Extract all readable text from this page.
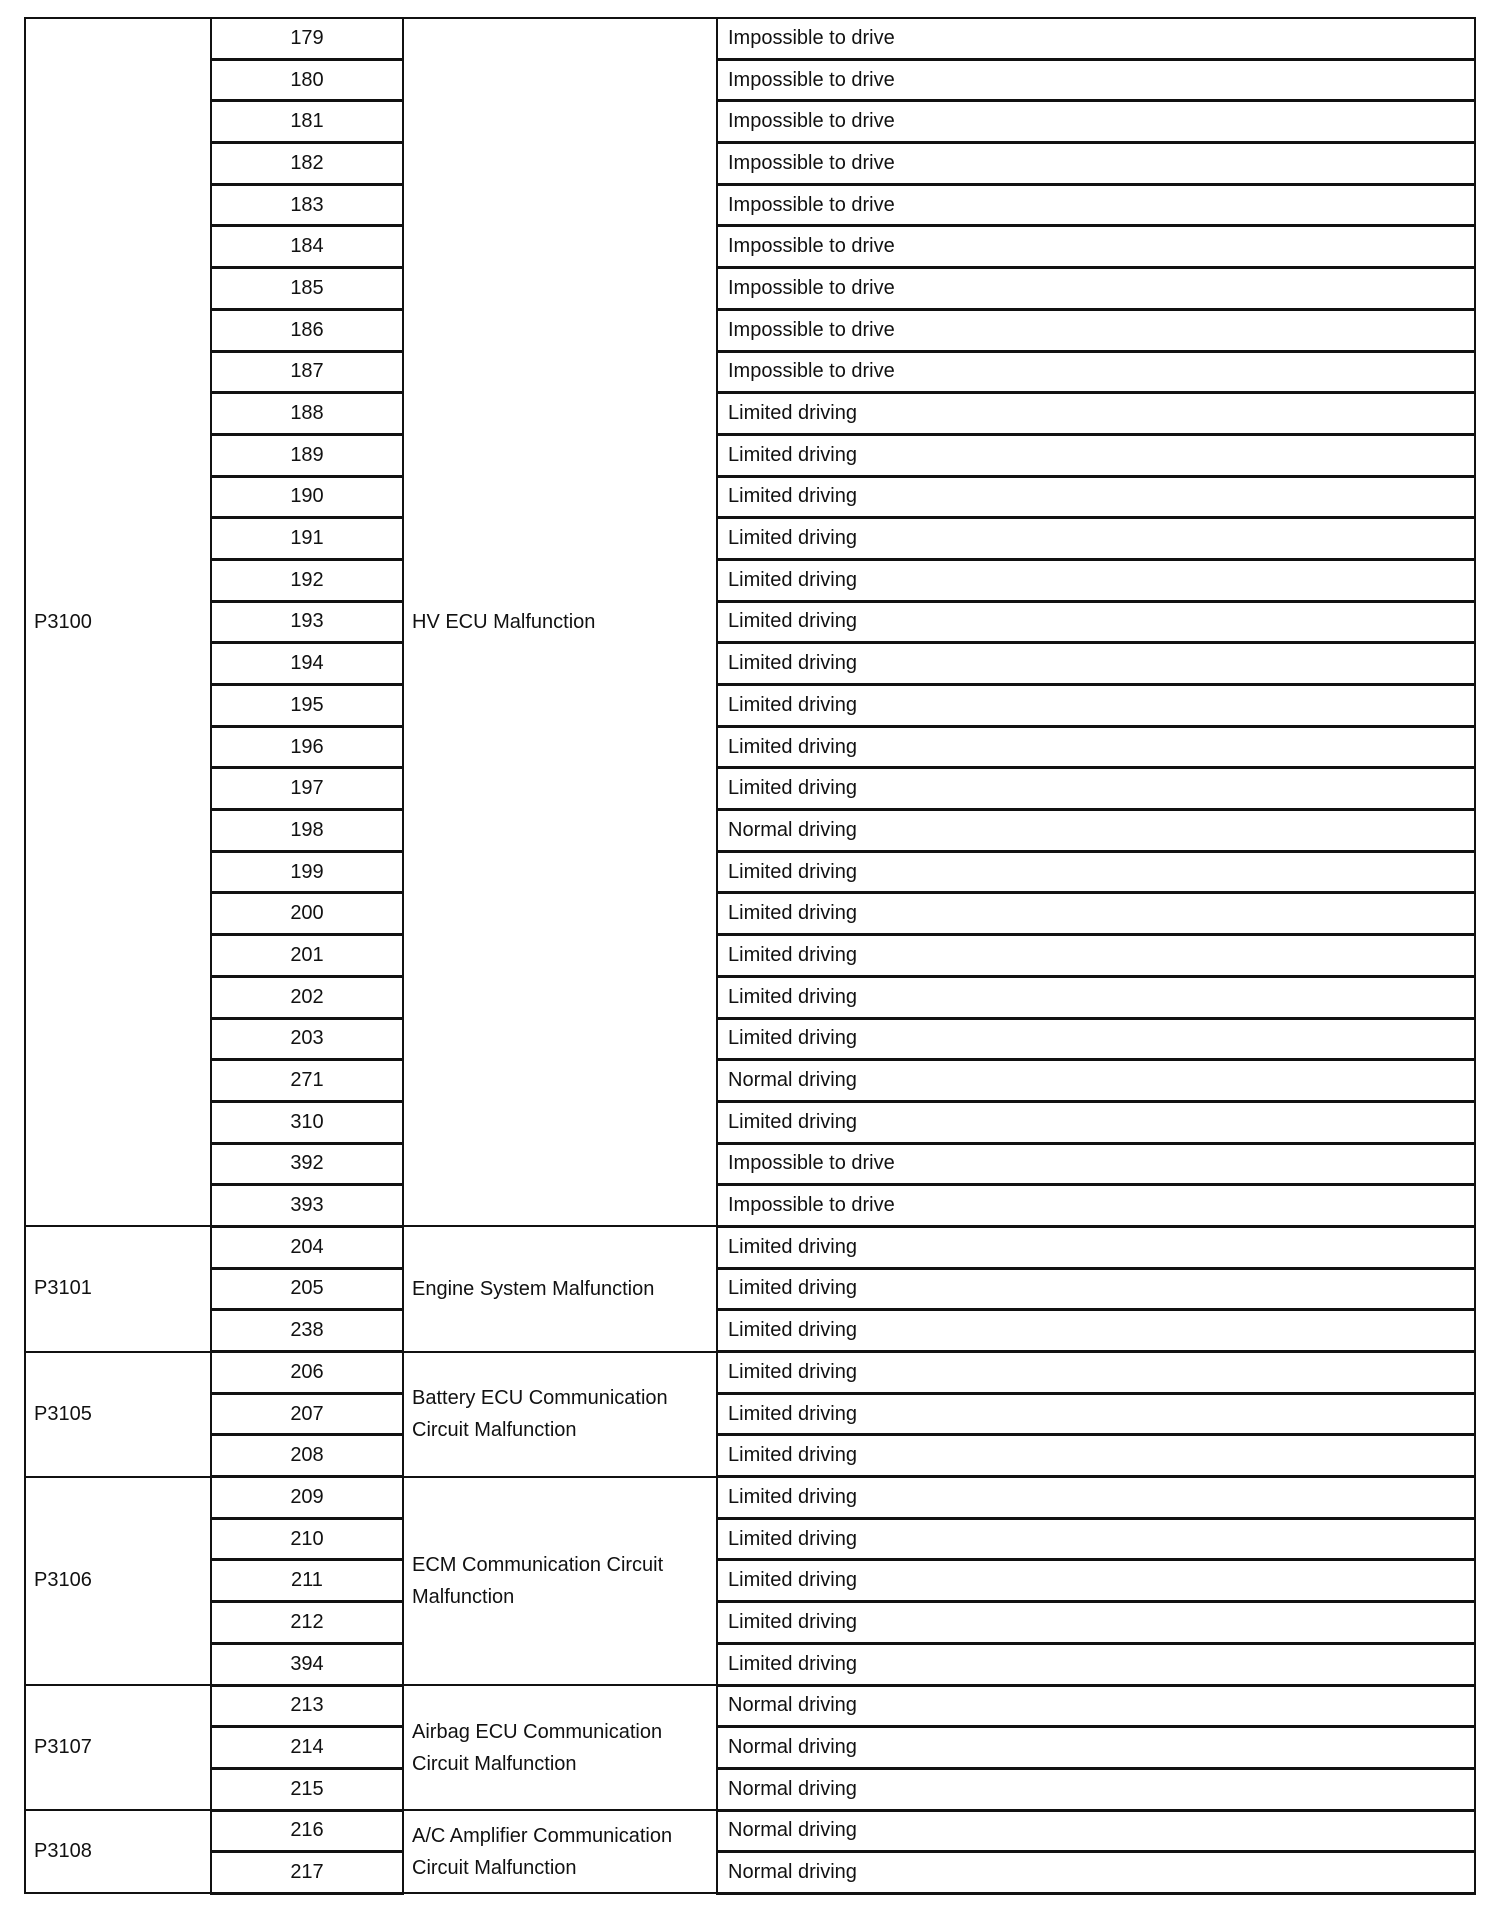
P3100	179	HV ECU Malfunction	Impossible to drive
	180		Impossible to drive
	181		Impossible to drive
	182		Impossible to drive
	183		Impossible to drive
	184		Impossible to drive
	185		Impossible to drive
	186		Impossible to drive
	187		Impossible to drive
	188		Limited driving
	189		Limited driving
	190		Limited driving
	191		Limited driving
	192		Limited driving
	193		Limited driving
	194		Limited driving
	195		Limited driving
	196		Limited driving
	197		Limited driving
	198		Normal driving
	199		Limited driving
	200		Limited driving
	201		Limited driving
	202		Limited driving
	203		Limited driving
	271		Normal driving
	310		Limited driving
	392		Impossible to drive
	393		Impossible to drive
P3101	204	Engine System Malfunction	Limited driving
	205		Limited driving
	238		Limited driving
P3105	206	Battery ECU Communication Circuit Malfunction	Limited driving
	207		Limited driving
	208		Limited driving
P3106	209	ECM Communication Circuit Malfunction	Limited driving
	210		Limited driving
	211		Limited driving
	212		Limited driving
	394		Limited driving
P3107	213	Airbag ECU Communication Circuit Malfunction	Normal driving
	214		Normal driving
	215		Normal driving
P3108	216	A/C Amplifier Communication Circuit Malfunction	Normal driving
	217		Normal driving
